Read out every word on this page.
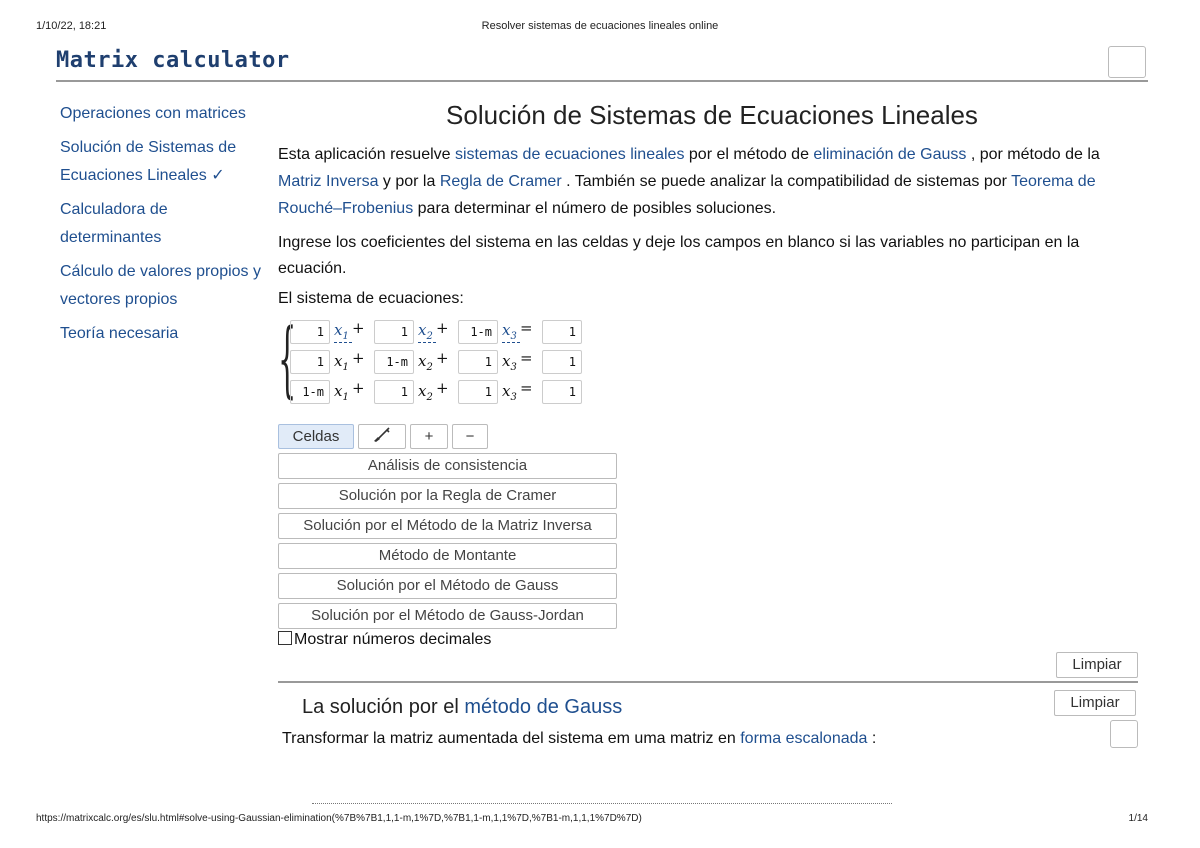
1/10/22, 18:21	Resolver sistemas de ecuaciones lineales online
Matrix calculator
Operaciones con matrices
Solución de Sistemas de Ecuaciones Lineales ✓
Calculadora de determinantes
Cálculo de valores propios y vectores propios
Teoría necesaria
Solución de Sistemas de Ecuaciones Lineales

Esta aplicación resuelve sistemas de ecuaciones lineales por el método de eliminación de Gauss , por método de la Matriz Inversa y por la Regla de Cramer . También se puede analizar la compatibilidad de sistemas por Teorema de Rouché–Frobenius para determinar el número de posibles soluciones.

Ingrese los coeficientes del sistema en las celdas y deje los campos en blanco si las variables no participan en la ecuación.

El sistema de ecuaciones:
{	1 $x_1$ +	1 $x_2$ +	1-m $x_3$ =	1
1 $x_1$ +	1-m $x_2$ +	1 $x_3$ =	1
1-m $x_1$ +	1 $x_2$ +	1 $x_3$ =	1
Celdas	+	−
Análisis de consistencia
Solución por la Regla de Cramer
Solución por el Método de la Matriz Inversa
Método de Montante
Solución por el Método de Gauss
Solución por el Método de Gauss-Jordan
Mostrar números decimales
Limpiar
Limpiar
La solución por el método de Gauss
Transformar la matriz aumentada del sistema em uma matriz en forma escalonada :
https://matrixcalc.org/es/slu.html#solve-using-Gaussian-elimination(%7B%7B1,1,1-m,1%7D,%7B1,1-m,1,1%7D,%7B1-m,1,1,1%7D%7D)	1/14
